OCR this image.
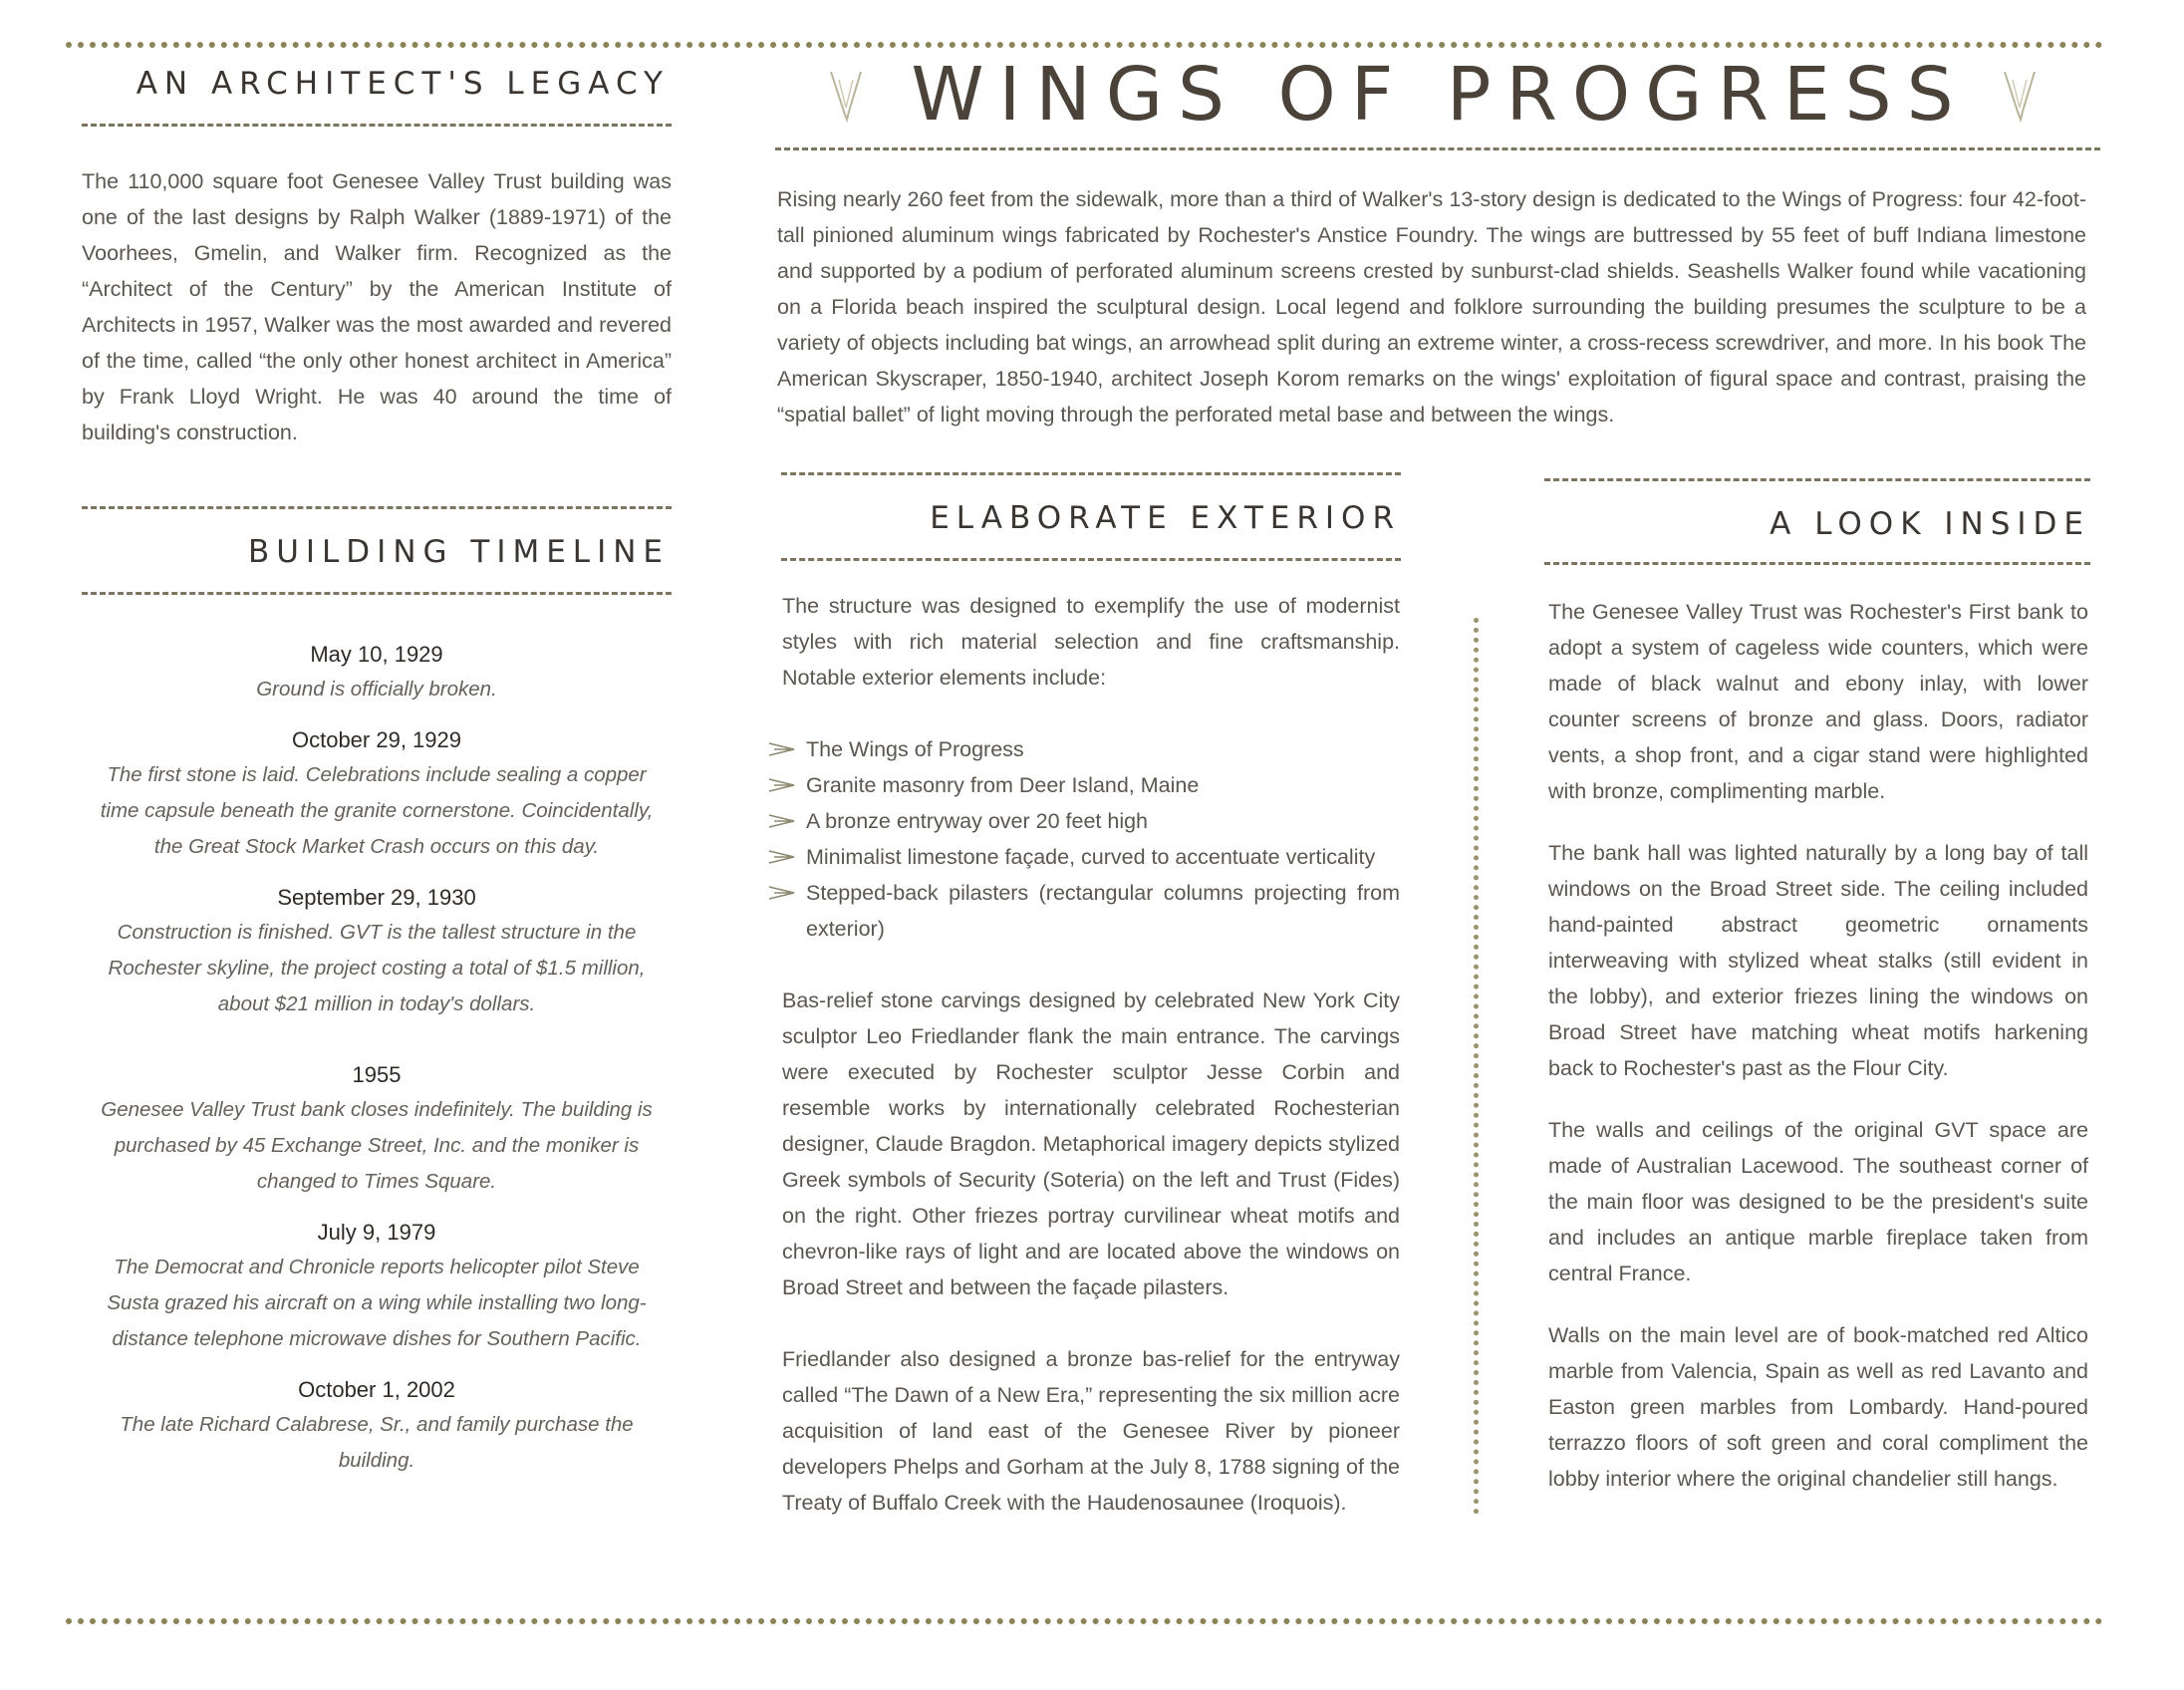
AN ARCHITECT'S LEGACY

The 110,000 square foot Genesee Valley Trust building was one of the last designs by Ralph Walker (1889-1971) of the Voorhees, Gmelin, and Walker firm. Recognized as the “Architect of the Century” by the American Institute of Architects in 1957, Walker was the most awarded and revered of the time, called “the only other honest architect in America” by Frank Lloyd Wright. He was 40 around the time of building's construction.

BUILDING TIMELINE
May 10, 1929
Ground is officially broken.
October 29, 1929
The first stone is laid. Celebrations include sealing a copper time capsule beneath the granite cornerstone. Coincidentally, the Great Stock Market Crash occurs on this day.
September 29, 1930
Construction is finished. GVT is the tallest structure in the Rochester skyline, the project costing a total of $1.5 million, about $21 million in today's dollars.
1955
Genesee Valley Trust bank closes indefinitely. The building is purchased by 45 Exchange Street, Inc. and the moniker is changed to Times Square.
July 9, 1979
The Democrat and Chronicle reports helicopter pilot Steve Susta grazed his aircraft on a wing while installing two long-distance telephone microwave dishes for Southern Pacific.
October 1, 2002
The late Richard Calabrese, Sr., and family purchase the building.
WINGS OF PROGRESS

Rising nearly 260 feet from the sidewalk, more than a third of Walker's 13-story design is dedicated to the Wings of Progress: four 42-foot-tall pinioned aluminum wings fabricated by Rochester's Anstice Foundry. The wings are buttressed by 55 feet of buff Indiana limestone and supported by a podium of perforated aluminum screens crested by sunburst-clad shields. Seashells Walker found while vacationing on a Florida beach inspired the sculptural design. Local legend and folklore surrounding the building presumes the sculpture to be a variety of objects including bat wings, an arrowhead split during an extreme winter, a cross-recess screwdriver, and more. In his book The American Skyscraper, 1850-1940, architect Joseph Korom remarks on the wings' exploitation of figural space and contrast, praising the “spatial ballet” of light moving through the perforated metal base and between the wings.

ELABORATE EXTERIOR

The structure was designed to exemplify the use of modernist styles with rich material selection and fine craftsmanship. Notable exterior elements include:

The Wings of Progress
Granite masonry from Deer Island, Maine
A bronze entryway over 20 feet high
Minimalist limestone façade, curved to accentuate verticality
Stepped-back pilasters (rectangular columns projecting from exterior)

Bas-relief stone carvings designed by celebrated New York City sculptor Leo Friedlander flank the main entrance. The carvings were executed by Rochester sculptor Jesse Corbin and resemble works by internationally celebrated Rochesterian designer, Claude Bragdon. Metaphorical imagery depicts stylized Greek symbols of Security (Soteria) on the left and Trust (Fides) on the right. Other friezes portray curvilinear wheat motifs and chevron-like rays of light and are located above the windows on Broad Street and between the façade pilasters.

Friedlander also designed a bronze bas-relief for the entryway called “The Dawn of a New Era,” representing the six million acre acquisition of land east of the Genesee River by pioneer developers Phelps and Gorham at the July 8, 1788 signing of the Treaty of Buffalo Creek with the Haudenosaunee (Iroquois).

A LOOK INSIDE

The Genesee Valley Trust was Rochester's First bank to adopt a system of cageless wide counters, which were made of black walnut and ebony inlay, with lower counter screens of bronze and glass. Doors, radiator vents, a shop front, and a cigar stand were highlighted with bronze, complimenting marble.

The bank hall was lighted naturally by a long bay of tall windows on the Broad Street side. The ceiling included hand-painted abstract geometric ornaments interweaving with stylized wheat stalks (still evident in the lobby), and exterior friezes lining the windows on Broad Street have matching wheat motifs harkening back to Rochester's past as the Flour City.

The walls and ceilings of the original GVT space are made of Australian Lacewood. The southeast corner of the main floor was designed to be the president's suite and includes an antique marble fireplace taken from central France.

Walls on the main level are of book-matched red Altico marble from Valencia, Spain as well as red Lavanto and Easton green marbles from Lombardy. Hand-poured terrazzo floors of soft green and coral compliment the lobby interior where the original chandelier still hangs.
